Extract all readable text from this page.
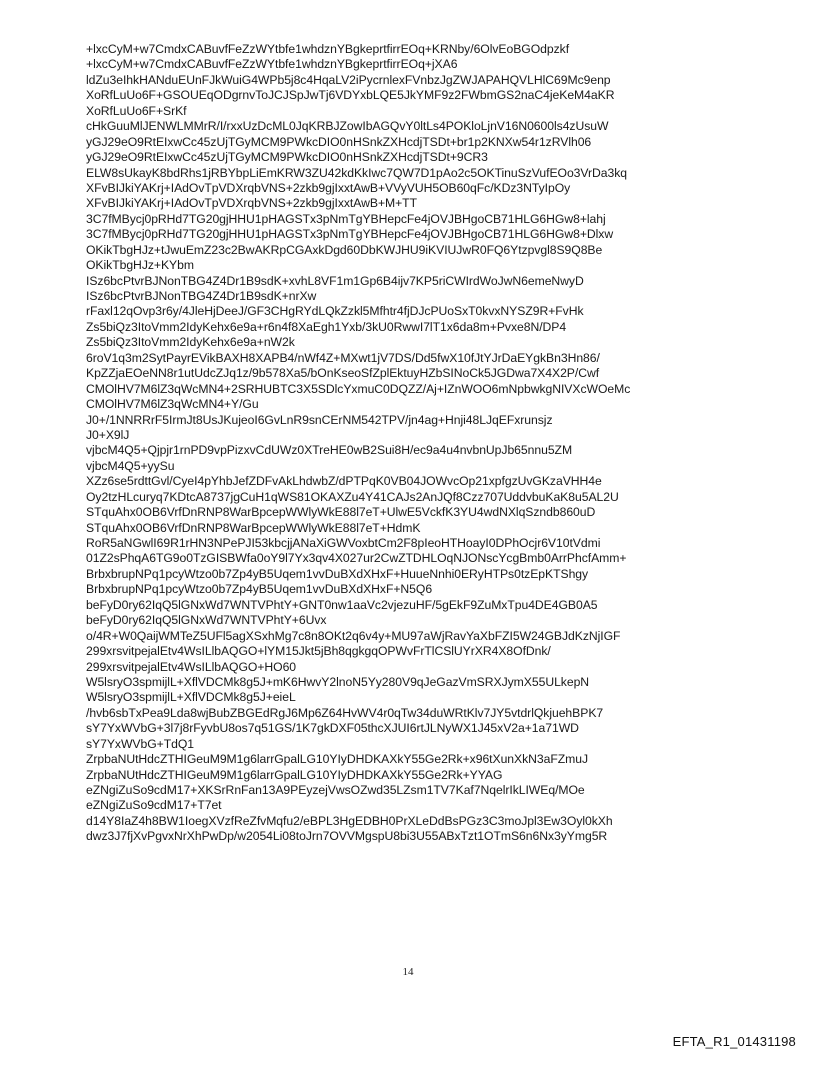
+lxcCyM+w7CmdxCABuvfFeZzWYtbfe1whdznYBgkeprtfirrEOq+KRNby/6OlvEoBGOdpzkf
+lxcCyM+w7CmdxCABuvfFeZzWYtbfe1whdznYBgkeprtfirrEOq+jXA6
ldZu3eIhkHANduEUnFJkWuiG4WPb5j8c4HqaLV2iPycrnlexFVnbzJgZWJAPAHQVLHlC69Mc9enp
XoRfLuUo6F+GSOUEqODgrnvToJCJSpJwTj6VDYxbLQE5JkYMF9z2FWbmGS2naC4jeKeM4aKR
XoRfLuUo6F+SrKf
cHkGuuMlJENWLMMrR/I/rxxUzDcML0JqKRBJZowIbAGQvY0ltLs4POKloLjnV16N0600ls4zUsuW
yGJ29eO9RtEIxwCc45zUjTGyMCM9PWkcDIO0nHSnkZXHcdjTSDt+br1p2KNXw54r1zRVlh06
yGJ29eO9RtEIxwCc45zUjTGyMCM9PWkcDIO0nHSnkZXHcdjTSDt+9CR3
ELW8sUkayK8bdRhs1jRBYbpLiEmKRW3ZU42kdKkIwc7QW7D1pAo2c5OKTinuSzVufEOo3VrDa3kq
XFvBIJkiYAKrj+IAdOvTpVDXrqbVNS+2zkb9gjIxxtAwB+VVyVUH5OB60qFc/KDz3NTyIpOy
XFvBIJkiYAKrj+IAdOvTpVDXrqbVNS+2zkb9gjIxxtAwB+M+TT
3C7fMBycj0pRHd7TG20gjHHU1pHAGSTx3pNmTgYBHepcFe4jOVJBHgoCB71HLG6HGw8+lahj
3C7fMBycj0pRHd7TG20gjHHU1pHAGSTx3pNmTgYBHepcFe4jOVJBHgoCB71HLG6HGw8+Dlxw
OKikTbgHJz+tJwuEmZ23c2BwAKRpCGAxkDgd60DbKWJHU9iKVIUJwR0FQ6Ytzpvgl8S9Q8Be
OKikTbgHJz+KYbm
ISz6bcPtvrBJNonTBG4Z4Dr1B9sdK+xvhL8VF1m1Gp6B4ijv7KP5riCWIrdWoJwN6emeNwyD
ISz6bcPtvrBJNonTBG4Z4Dr1B9sdK+nrXw
rFaxl12qOvp3r6y/4JleHjDeeJ/GF3CHgRYdLQkZzkl5Mfhtr4fjDJcPUoSxT0kvxNYSZ9R+FvHk
Zs5biQz3ItoVmm2IdyKehx6e9a+r6n4f8XaEgh1Yxb/3kU0RwwI7lT1x6da8m+Pvxe8N/DP4
Zs5biQz3ItoVmm2IdyKehx6e9a+nW2k
6roV1q3m2SytPayrEVikBAXH8XAPB4/nWf4Z+MXwt1jV7DS/Dd5fwX10fJtYJrDaEYgkBn3Hn86/
KpZZjaEOeNN8r1utUdcZJq1z/9b578Xa5/bOnKseoSfZplEktuyHZbSINoCk5JGDwa7X4X2P/Cwf
CMOlHV7M6lZ3qWcMN4+2SRHUBTC3X5SDlcYxmuC0DQZZ/Aj+IZnWOO6mNpbwkgNIVXcWOeMc
CMOlHV7M6lZ3qWcMN4+Y/Gu
J0+/1NNRRrF5IrmJt8UsJKujeoI6GvLnR9snCErNM542TPV/jn4ag+Hnji48LJqEFxrunsjz
J0+X9lJ
vjbcM4Q5+Qjpjr1rnPD9vpPizxvCdUWz0XTreHE0wB2Sui8H/ec9a4u4nvbnUpJb65nnu5ZM
vjbcM4Q5+yySu
XZz6se5rdttGvl/CyeI4pYhbJefZDFvAkLhdwbZ/dPTPqK0VB04JOWvcOp21xpfgzUvGKzaVHH4e
Oy2tzHLcuryq7KDtcA8737jgCuH1qWS81OKAXZu4Y41CAJs2AnJQf8Czz707UddvbuKaK8u5AL2U
STquAhx0OB6VrfDnRNP8WarBpcepWWlyWkE88l7eT+UlwE5VckfK3YU4wdNXlqSzndb860uD
STquAhx0OB6VrfDnRNP8WarBpcepWWlyWkE88l7eT+HdmK
RoR5aNGwlI69R1rHN3NPePJI53kbcjjANaXiGWVoxbtCm2F8pIeoHTHoayI0DPhOcjr6V10tVdmi
01Z2sPhqA6TG9o0TzGISBWfa0oY9l7Yx3qv4X027ur2CwZTDHLOqNJONscYcgBmb0ArrPhcfAmm+
BrbxbrupNPq1pcyWtzo0b7Zp4yB5Uqem1vvDuBXdXHxF+HuueNnhi0ERyHTPs0tzEpKTShgy
BrbxbrupNPq1pcyWtzo0b7Zp4yB5Uqem1vvDuBXdXHxF+N5Q6
beFyD0ry62IqQ5lGNxWd7WNTVPhtY+GNT0nw1aaVc2vjezuHF/5gEkF9ZuMxTpu4DE4GB0A5
beFyD0ry62IqQ5lGNxWd7WNTVPhtY+6Uvx
o/4R+W0QaijWMTeZ5UFl5agXSxhMg7c8n8OKt2q6v4y+MU97aWjRavYaXbFZI5W24GBJdKzNjIGF
299xrsvitpejalEtv4WsILlbAQGO+lYM15Jkt5jBh8qgkgqOPWvFrTlCSlUYrXR4X8OfDnk/
299xrsvitpejalEtv4WsILlbAQGO+HO60
W5lsryO3spmijlL+XflVDCMk8g5J+mK6HwvY2lnoN5Yy280V9qJeGazVmSRXJymX55ULkepN
W5lsryO3spmijlL+XflVDCMk8g5J+eieL
/hvb6sbTxPea9Lda8wjBubZBGEdRgJ6Mp6Z64HvWV4r0qTw34duWRtKlv7JY5vtdrlQkjuehBPK7
sY7YxWVbG+3l7j8rFyvbU8os7q51GS/1K7gkDXF05thcXJUI6rtJLNyWX1J45xV2a+1a71WD
sY7YxWVbG+TdQ1
ZrpbaNUtHdcZTHIGeuM9M1g6larrGpalLG10YIyDHDKAXkY55Ge2Rk+x96tXunXkN3aFZmuJ
ZrpbaNUtHdcZTHIGeuM9M1g6larrGpalLG10YIyDHDKAXkY55Ge2Rk+YYAG
eZNgiZuSo9cdM17+XKSrRnFan13A9PEyzejVwsOZwd35LZsm1TV7Kaf7NqelrIkLIWEq/MOe
eZNgiZuSo9cdM17+T7et
d14Y8IaZ4h8BW1IoegXVzfReZfvMqfu2/eBPL3HgEDBH0PrXLeDdBsPGz3C3moJpl3Ew3Oyl0kXh
dwz3J7fjXvPgvxNrXhPwDp/w2054Li08toJrn7OVVMgspU8bi3U55ABxTzt1OTmS6n6Nx3yYmg5R
14
EFTA_R1_01431198
